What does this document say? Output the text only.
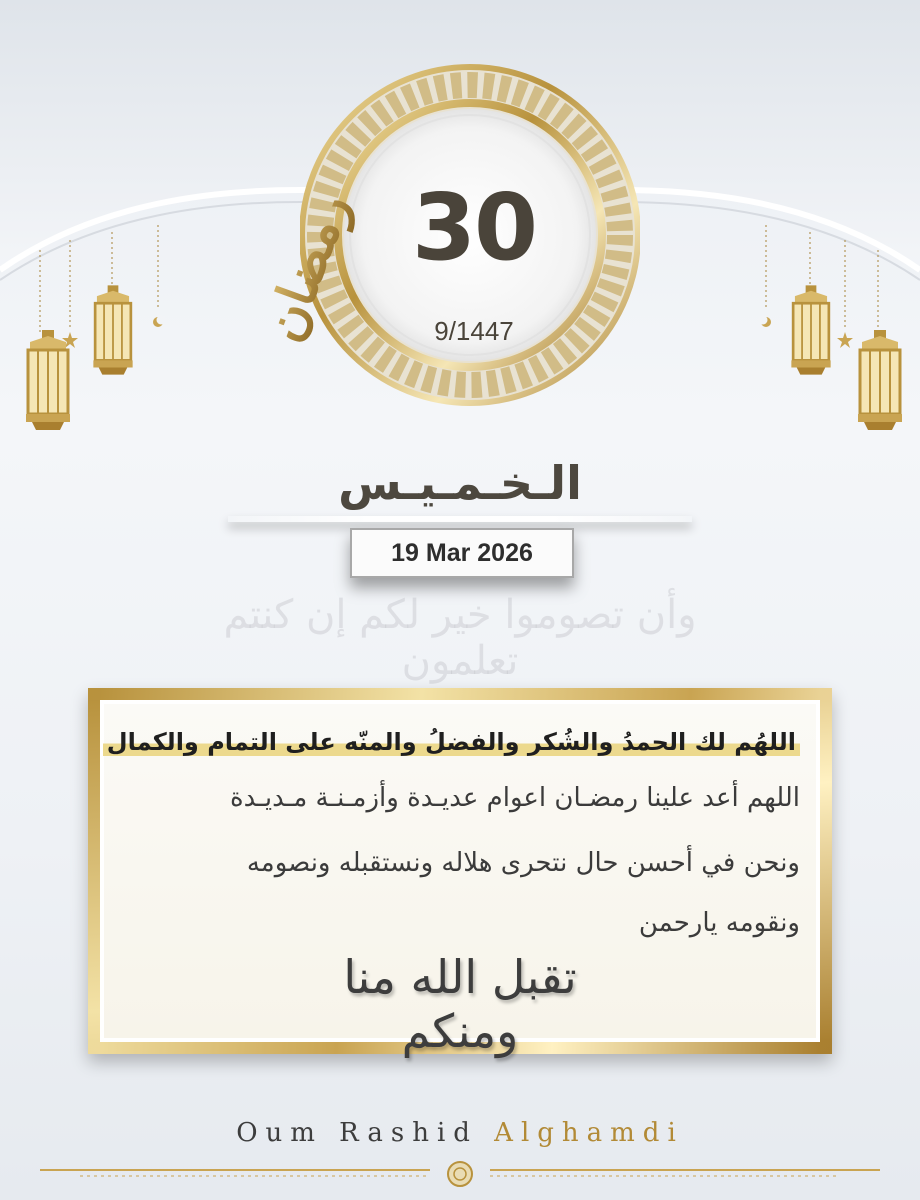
رمضان 30
9/1447
الـخـمـيـس
19 Mar 2026
وأن تصوموا خير لكم إن كنتم تعلمون
اللهُم لك الحمدُ والشُكر والفضلُ والمنّه على التمام والكمال
اللهم أعد علينا رمضـان اعوام عديـدة وأزمـنـة مـديـدة
ونحن في أحسن حال نتحرى هلاله ونستقبله ونصومه
ونقومه يارحمن
تقبل الله منا ومنكم
Oum Rashid Alghamdi
